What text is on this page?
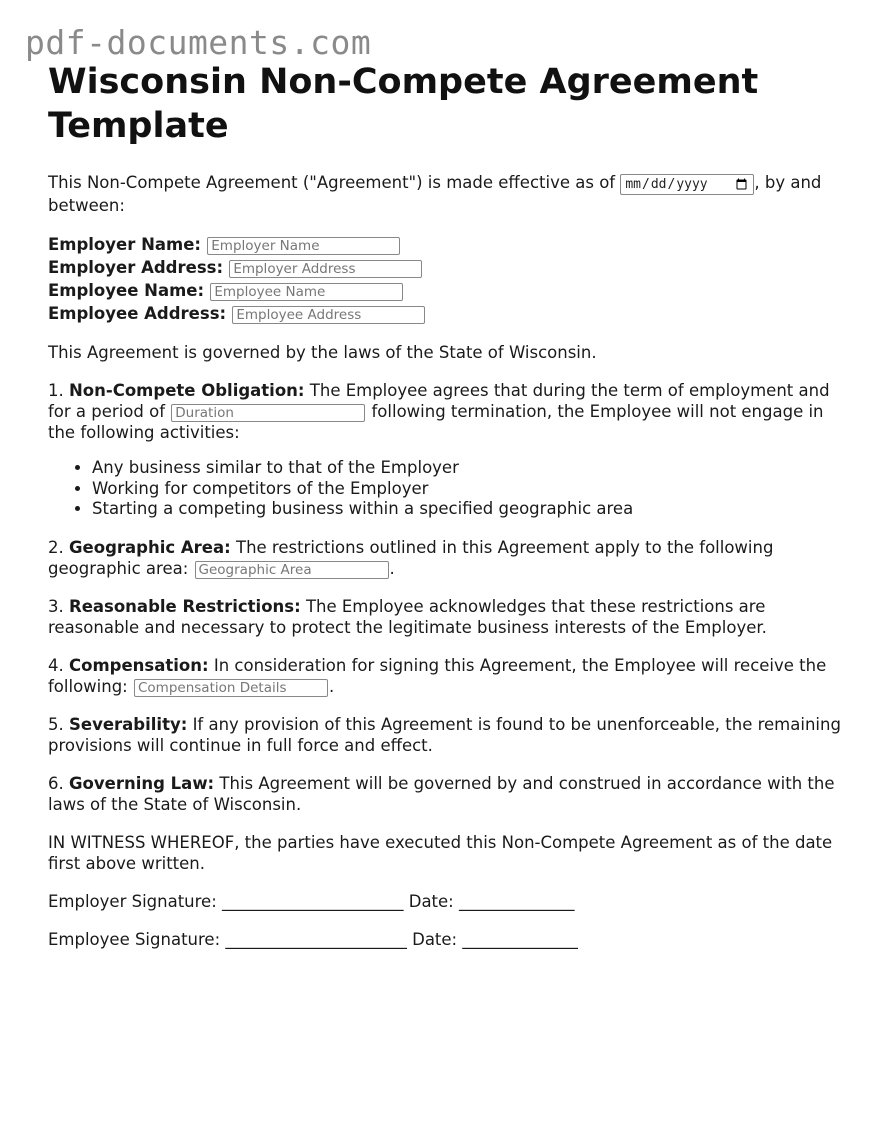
pdf-documents.com
Wisconsin Non-Compete Agreement Template

This Non-Compete Agreement ("Agreement") is made effective as of mm/dd/yyyy	, by and between:

Employer Name: Employer Name
Employer Address: Employer Address
Employee Name: Employee Name
Employee Address: Employee Address

This Agreement is governed by the laws of the State of Wisconsin.

1. Non-Compete Obligation: The Employee agrees that during the term of employment and for a period of Duration	following termination, the Employee will not engage in the following activities:

• Any business similar to that of the Employer
• Working for competitors of the Employer
• Starting a competing business within a specified geographic area

2. Geographic Area: The restrictions outlined in this Agreement apply to the following geographic area: Geographic Area	.

3. Reasonable Restrictions: The Employee acknowledges that these restrictions are reasonable and necessary to protect the legitimate business interests of the Employer.

4. Compensation: In consideration for signing this Agreement, the Employee will receive the following: Compensation Details	.

5. Severability: If any provision of this Agreement is found to be unenforceable, the remaining provisions will continue in full force and effect.

6. Governing Law: This Agreement will be governed by and construed in accordance with the laws of the State of Wisconsin.

IN WITNESS WHEREOF, the parties have executed this Non-Compete Agreement as of the date first above written.

Employer Signature: ______________________ Date: ______________

Employee Signature: ______________________ Date: ______________
